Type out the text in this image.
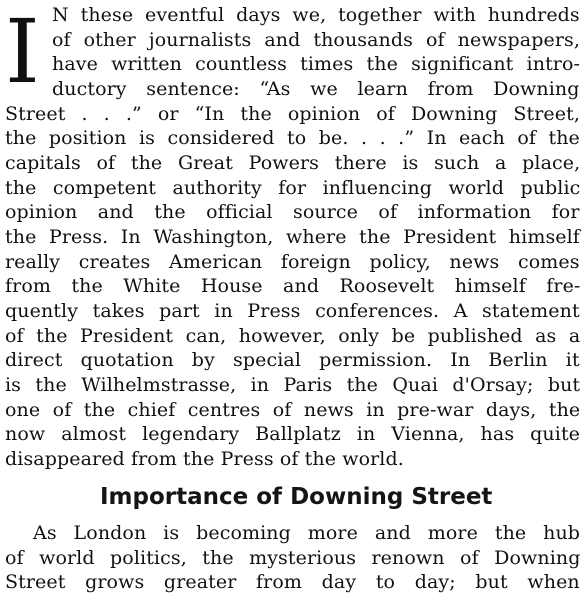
I N these eventful days we, together with hundreds
of other journalists and thousands of newspapers,
have written countless times the significant intro-
ductory sentence: “As we learn from Downing
Street . . .” or “In the opinion of Downing Street,
the position is considered to be. . . .” In each of the
capitals of the Great Powers there is such a place,
the competent authority for influencing world public
opinion and the official source of information for
the Press. In Washington, where the President himself
really creates American foreign policy, news comes
from the White House and Roosevelt himself fre-
quently takes part in Press conferences. A statement
of the President can, however, only be published as a
direct quotation by special permission. In Berlin it
is the Wilhelmstrasse, in Paris the Quai d'Orsay; but
one of the chief centres of news in pre-war days, the
now almost legendary Ballplatz in Vienna, has quite
disappeared from the Press of the world.
Importance of Downing Street
As London is becoming more and more the hub
of world politics, the mysterious renown of Downing
Street grows greater from day to day; but when
